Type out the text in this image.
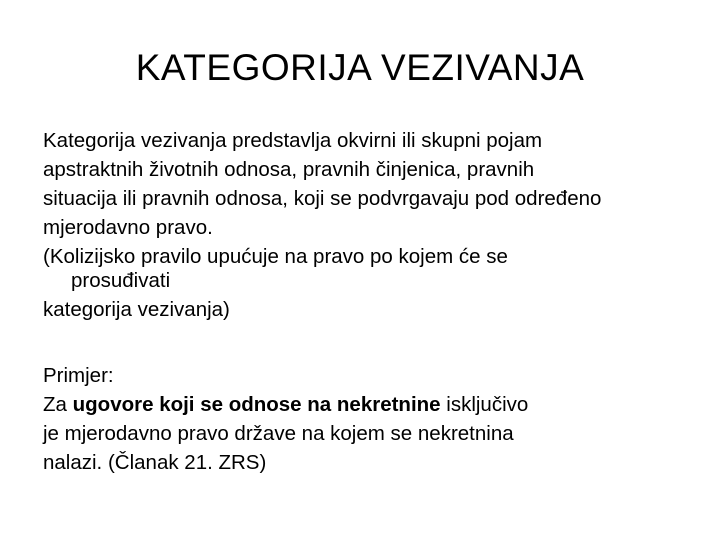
KATEGORIJA VEZIVANJA
Kategorija vezivanja predstavlja okvirni ili skupni pojam
apstraktnih životnih odnosa, pravnih činjenica, pravnih
situacija ili pravnih odnosa, koji se podvrgavaju pod određeno
mjerodavno pravo.
(Kolizijsko pravilo upućuje na pravo po kojem će se
prosuđivati
kategorija vezivanja)
Primjer:
Za ugovore koji se odnose na nekretnine isključivo
je mjerodavno pravo države na kojem se nekretnina
nalazi. (Članak 21. ZRS)
